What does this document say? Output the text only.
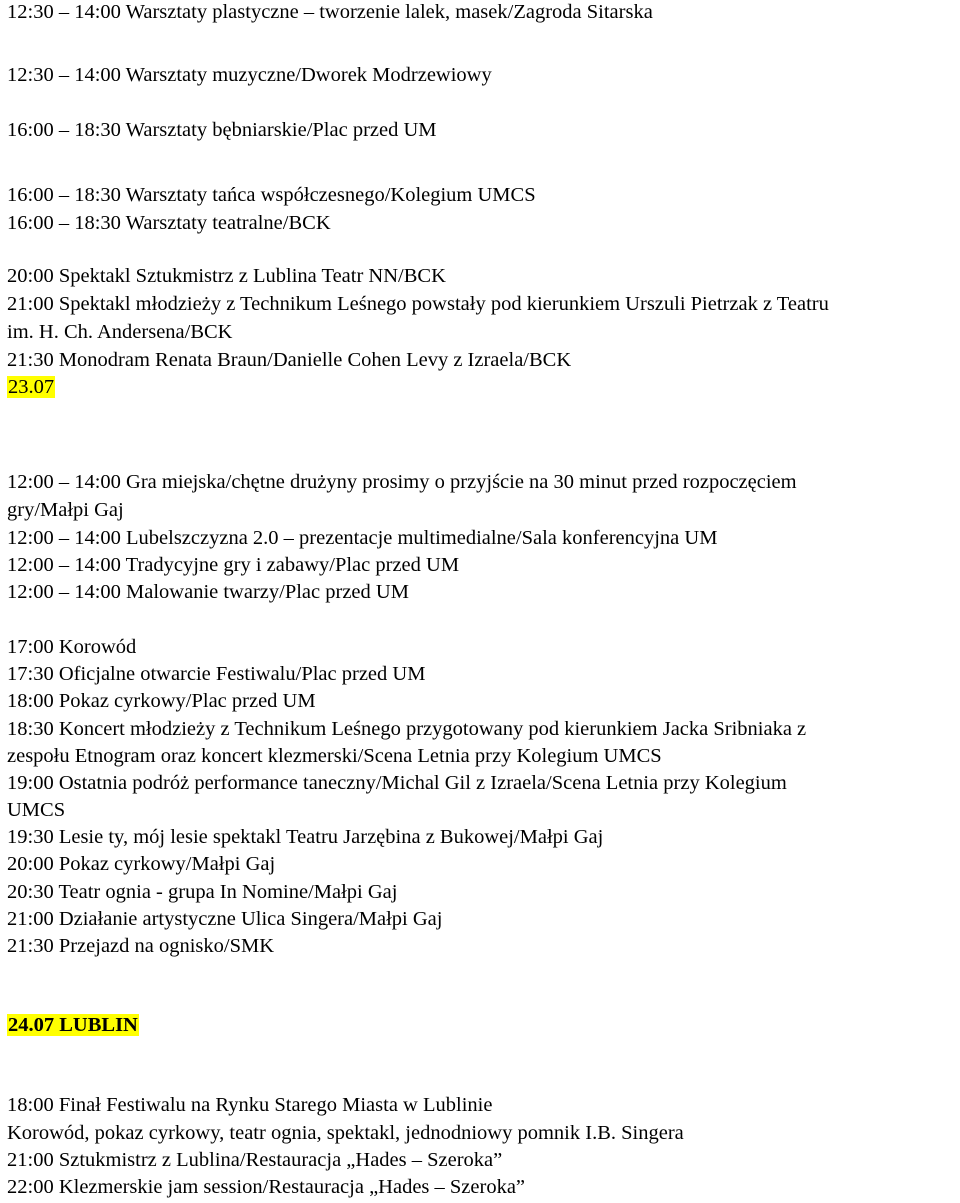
12:30 – 14:00 Warsztaty plastyczne – tworzenie lalek, masek/Zagroda Sitarska
12:30 – 14:00 Warsztaty muzyczne/Dworek Modrzewiowy
16:00 – 18:30 Warsztaty bębniarskie/Plac przed UM
16:00 – 18:30 Warsztaty tańca współczesnego/Kolegium UMCS
16:00 – 18:30 Warsztaty teatralne/BCK
20:00 Spektakl Sztukmistrz z Lublina Teatr NN/BCK
21:00 Spektakl młodzieży z Technikum Leśnego powstały pod kierunkiem Urszuli Pietrzak z Teatru
im. H. Ch. Andersena/BCK
21:30 Monodram Renata Braun/Danielle Cohen Levy z Izraela/BCK
23.07
12:00 – 14:00 Gra miejska/chętne drużyny prosimy o przyjście na 30 minut przed rozpoczęciem
gry/Małpi Gaj
12:00 – 14:00 Lubelszczyzna 2.0 – prezentacje multimedialne/Sala konferencyjna UM
12:00 – 14:00 Tradycyjne gry i zabawy/Plac przed UM
12:00 – 14:00 Malowanie twarzy/Plac przed UM
17:00 Korowód
17:30 Oficjalne otwarcie Festiwalu/Plac przed UM
18:00 Pokaz cyrkowy/Plac przed UM
18:30 Koncert młodzieży z Technikum Leśnego przygotowany pod kierunkiem Jacka Sribniaka z
zespołu Etnogram oraz koncert klezmerski/Scena Letnia przy Kolegium UMCS
19:00 Ostatnia podróż performance taneczny/Michal Gil z Izraela/Scena Letnia przy Kolegium
UMCS
19:30 Lesie ty, mój lesie spektakl Teatru Jarzębina z Bukowej/Małpi Gaj
20:00 Pokaz cyrkowy/Małpi Gaj
20:30 Teatr ognia - grupa In Nomine/Małpi Gaj
21:00 Działanie artystyczne Ulica Singera/Małpi Gaj
21:30 Przejazd na ognisko/SMK
24.07 LUBLIN
18:00 Finał Festiwalu na Rynku Starego Miasta w Lublinie
Korowód, pokaz cyrkowy, teatr ognia, spektakl, jednodniowy pomnik I.B. Singera
21:00 Sztukmistrz z Lublina/Restauracja „Hades – Szeroka”
22:00 Klezmerskie jam session/Restauracja „Hades – Szeroka”
